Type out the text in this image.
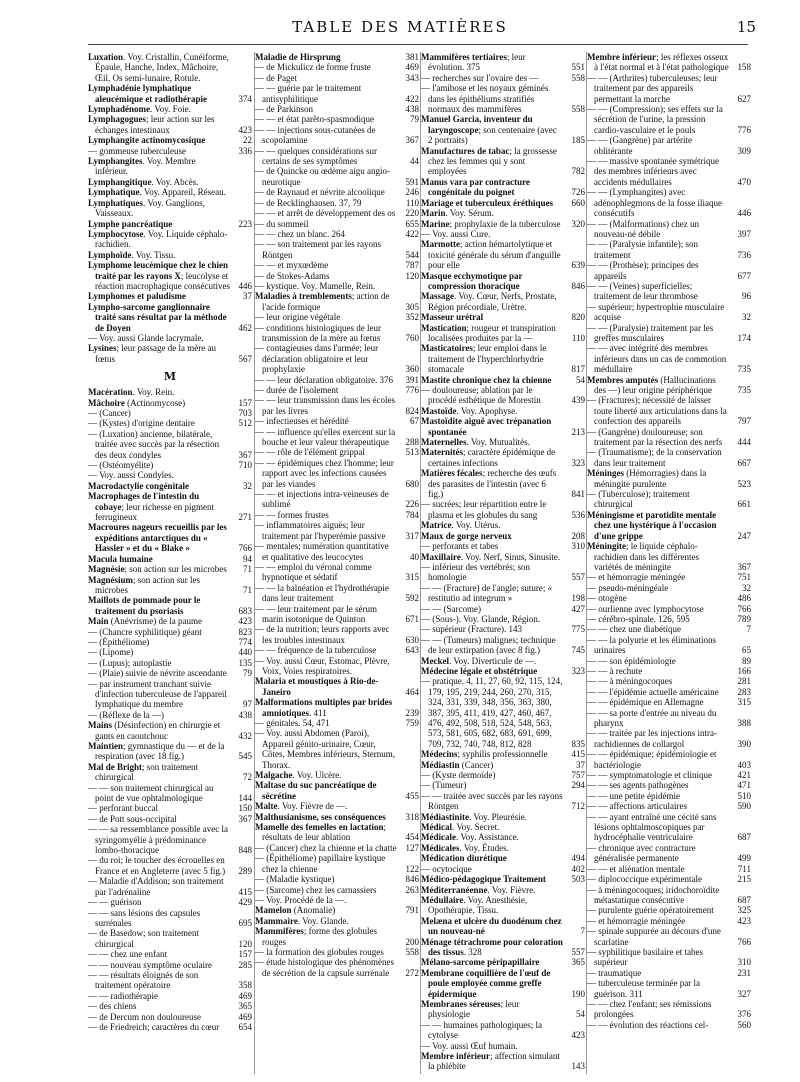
TABLE DES MATIÈRES	15
Luxation. Voy. Cristallin, Cunéiforme, Épaule, Hanche, Index, Mâchoire, Œil, Os semi-lunaire, Rotule.
Lymphadénie lymphatique aleucémique et radiothérapie	374
Lymphadénome. Voy. Foie.
Lymphagogues; leur action sur les échanges intestinaux	423
Lymphangite actinomycosique	22
— gommeuse tuberculeuse	336
Lymphangites. Voy. Membre inférieur.
Lymphangitique. Voy. Abcès.
Lymphatique. Voy. Appareil, Réseau.
Lymphatiques. Voy. Ganglions, Vaisseaux.
Lymphe pancréatique	223
Lymphocytose. Voy. Liquide céphalo-rachidien.
Lymphoïde. Voy. Tissu.
Lymphome leucémique chez le chien traité par les rayons X; leucolyse et réaction macrophagique consécutives 446
Lymphomes et paludisme	37
Lympho-sarcome ganglionnaire traité sans résultat par la méthode de Doyen	462
— Voy. aussi Glande lacrymale.
Lysines; leur passage de la mère au fœtus	567
M
Macération. Voy. Rein.
Mâchoire (Actinomycose)	157
— (Cancer)	703
— (Kystes) d'origine dentaire	512
— (Luxation) ancienne, bilatérale, traitée avec succès par la résection des deux condyles	367
— (Ostéomyélite)	710
— Voy. aussi Condyles.
Macrodactylie congénitale	32
Macrophages de l'intestin du cobaye; leur richesse en pigment ferrugineux	271
Macroures nageurs recueillis par les expéditions antarctiques du « Hassler » et du « Blake »	766
Macula humaine	94
Magnésie; son action sur les microbes 71
Magnésium; son action sur les microbes	71
Maillots de pommade pour le traitement du psoriasis	683
Main (Anévrisme) de la paume	423
— (Chancre syphilitique) géant	823
— (Épithéliome)	774
— (Lipome)	440
— (Lupus); autoplastie	135
— (Plaie) suivie de névrite ascendante 79
— par instrument tranchant suivie d'infection tuberculeuse de l'appareil lymphatique du membre	97
— (Réflexe de la —)	438
Mains (Désinfection) en chirurgie et gants en caoutchouc	432
Maintien; gymnastique du — et de la respiration (avec 18 fig.)	545
Mal de Bright; son traitement chirurgical	72
— — son traitement chirurgical au point de vue ophtalmologique	144
— perforant buccal	150
— de Pott sous-occipital	367
— — sa ressemblance possible avec la syringomyélie à prédominance lombo-thoracique	848
— du roi; le toucher des écrouelles en France et en Angleterre (avec 5 fig.) 289
— Maladie d'Addison; son traitement par l'adrénaline	415
— — guérison	429
— — sans lésions des capsules surrénales	695
— de Basedow; son traitement chirurgical	120
— — chez une enfant	157
— — nouveau symptôme oculaire	285
— — résultats éloignés de son traitement opératoire	358
— — radiothérapie	469
— des chiens	365
— de Dercum non douloureuse	469
— de Friedreich; caractères du cœur 654
Maladie de Hirsprung	381
— de Mickulicz de forme fruste	469
— de Paget	343
— — guérie par le traitement antisyphilitique	422
— de Parkinson	438
— — et état parêto-spasmodique	79
— — injections sous-cutanées de scopolamine	367
— — quelques considérations sur certains de ses symptômes	44
— de Quincke ou œdème aigu angio-neurotique	591
— de Raynaud et névrite alcoolique 246
— de Recklinghausen. 37, 79	110
— — et arrêt de développement des os 220
— du sommeil	655
— — chez un blanc. 264	422
— — son traitement par les rayons Röntgen	544
— — et myxœdème	787
— de Stokes-Adams	120
— kystique. Voy. Mamelle, Rein.
Maladies à tremblements; action de l'acide formique	305
— leur origine végétale	352
— conditions histologiques de leur transmission de la mère au fœtus	760
— contagieuses dans l'armée; leur déclaration obligatoire et leur prophylaxie	360
— — leur déclaration obligatoire. 376 391
— durée de l'isolement	776
— — leur transmission dans les écoles par les livres	824
— infectieuses et hérédité	67
— — influence qu'elles exercent sur la bouche et leur valeur thérapeutique 288
— — rôle de l'élément grippal	513
— — épidémiques chez l'homme; leur rapport avec les infections causées par les viandes	680
— — et injections intra-veineuses de sublimé	226
— — formes frustes	784
— inflammatoires aiguës; leur traitement par l'hyperémie passive 317
— mentales; numération quantitative et qualitative des leucocytes	40
— — emploi du véronal comme hypnotique et sédatif	315
— — la balnéation et l'hydrothérapie dans leur traitement	592
— — leur traitement par le sérum marin isotonique de Quinton	671
— de la nutrition; leurs rapports avec les troubles intestinaux	630
— — fréquence de la tuberculose	643
— Voy. aussi Cœur, Estomac, Plèvre, Voix, Voies respiratoires.
Malaria et moustiques à Rio-de-Janeiro	464
Malformations multiples par brides amniotiques. 411	239
— génitales. 54, 471	759
— Voy. aussi Abdomen (Paroi), Appareil génito-urinaire, Cœur, Côtes, Membres inférieurs, Sternum, Thorax.
Malgache. Voy. Ulcère.
Maltase du suc pancréatique de sécrétine	455
Malte. Voy. Fièvre de —.
Malthusianisme, ses conséquences 318
Mamelle des femelles en lactation; résultats de leur ablation	454
— (Cancer) chez la chienne et la chatte 127
— (Épithéliome) papillaire kystique chez la chienne	122
— (Maladie kystique)	846
— (Sarcome) chez les carnassiers	263
— Voy. Procédé de la —.
Mamelon (Anomalie)	791
Mammaire. Voy. Glande.
Mammifères; forme des globules rouges	200
— la formation des globules rouges 558
— étude histologique des phénomènes de sécrétion de la capsule surrénale 272
Mammifères tertiaires; leur évolution. 375	551
— recherches sur l'ovaire des —	558
— l'amibose et les noyaux géminés dans les épithéliums stratifiés normaux des mammifères	558
Manuel Garcia, inventeur du laryngoscope; son centenaire (avec 2 portraits)	185
Manufactures de tabac; la grossesse chez les femmes qui y sont employées	782
Manus vara par contracture congénitale du poignet	726
Mariage et tuberculeux éréthiques 660
Marin. Voy. Sérum.
Marine; prophylaxie de la tuberculose 320
— Voy. aussi Cure.
Marmotte; action hémartolytique et toxicité générale du sérum d'anguille pour elle	639
Masque ecchymotique par compression thoracique	846
Massage. Voy. Cœur, Nerfs, Prostate, Région précordiale, Urètre.
Masseur urétral	820
Mastication; rougeur et transpiration localisées produites par la —	110
Masticatoires; leur emploi dans le traitement de l'hyperchlorhydrie stomacale	817
Mastite chronique chez la chienne	54
— douloureuse; ablation par le procédé esthétique de Morestin	439
Mastoïde. Voy. Apophyse.
Mastoïdite aiguë avec trépanation spontanée	213
Maternelles. Voy. Mutualités.
Maternités; caractère épidémique de certaines infections	323
Matières fécales; recherche des œufs des parasites de l'intestin (avec 6 fig.)	841
— sucrées; leur répartition entre le plasma et les globules du sang	536
Matrice. Voy. Utérus.
Maux de gorge nerveux	208
— perforants et tabes	310
Maxillaire. Voy. Nerf, Sinus, Sinusite.
— inférieur des vertébrés; son homologie	557
— — (Fracture) de l'angle; suture; « restitutio ad integrum »	198
— — (Sarcome)	427
— (Sous-). Voy. Glande, Région.
— supérieur (Fracture). 143	775
— — (Tumeurs) malignes; technique de leur extirpation (avec 8 fig.)	745
Meckel. Voy. Diverticule de —.
Médecine légale et obstétrique	323
— pratique. 4, 11, 27, 60, 92, 115, 124, 179, 195, 219, 244, 260, 270, 315, 324, 331, 339, 348, 356, 363, 380, 387, 395, 411, 419, 427, 460, 467, 476, 492, 508, 518, 524, 548, 563, 573, 581, 605, 682, 683, 691, 699, 709, 732, 740, 748, 812, 828	835
Médecins; syphilis professionnelle	415
Médiastin (Cancer)	37
— (Kyste dermoïde)	757
— (Tumeur)	294
— — traitée avec succès par les rayons Röntgen	712
Médiastinite. Voy. Pleurésie.
Médical. Voy. Secret.
Médicale. Voy. Assistance.
Médicales. Voy. Études.
Médication diurétique	494
— ocytocique	402
Médico-pédagogique Traitement	503
Méditerranéenne. Voy. Fièvre.
Médullaire. Voy. Anesthésie, Opothérapie, Tissu.
Melæna et ulcère du duodénum chez un nouveau-né	7
Ménage tétrachrome pour coloration des tissus. 328	557
Mélano-sarcome péripapillaire	365
Membrane coquillière de l'œuf de poule employée comme greffe épidermique	190
Membranes séreuses; leur physiologie	54
— — humaines pathologiques; la cytolyse	423
— Voy. aussi Œuf humain.
Membre inférieur; affection simulant la phlébite	143
Membre inférieur; les réflexes osseux à l'état normal et à l'état pathologique 158
— — (Arthrites) tuberculeuses; leur traitement par des appareils permettant la marche	627
— — (Compression); ses effets sur la sécrétion de l'urine, la pression cardio-vasculaire et le pouls	776
— — (Gangrène) par artérite oblitérante	309
— — massive spontanée symétrique des membres inférieurs avec accidents médullaires	470
— — (Lymphangites) avec adénophlegmons de la fosse iliaque consécutifs	446
— — (Malformations) chez un nouveau-né débile	397
— — (Paralysie infantile); son traitement	736
— — (Prothèse); principes des appareils	677
— — (Veines) superficielles; traitement de leur thrombose	96
— supérieur; hypertrophie musculaire acquise	32
— — (Paralysie) traitement par les greffes musculaires	174
— — avec intégrité des membres inférieurs dans un cas de commotion médullaire	735
Membres amputés (Hallucinations des —) leur origine périphérique	735
— (Fractures); nécessité de laisser toute liberté aux articulations dans la confection des appareils	797
— (Gangrène) douloureuse; son traitement par la résection des nerfs 444
— (Traumatisme); de la conservation dans leur traitement	667
Méninges (Hémorragies) dans la méningite purulente	523
— (Tuberculose); traitement chirurgical	661
Méningisme et parotidite mentale chez une hystérique à l'occasion d'une grippe	247
Méningite; le liquide céphalo-rachidien dans les différentes variétés de méningite	367
— et hémorragie méningée	751
— pseudo-méningéale	32
— otogène	486
— ourlienne avec lymphocytose	766
— cérébro-spinale. 126, 595	789
— — chez une diabétique	7
— — la polyurie et les éliminations urinaires	65
— — son épidémiologie	89
— — à rechute	166
— — à méningocoques	281
— — l'épidémie actuelle américaine 283
— — épidémique en Allemagne	315
— — sa porte d'entrée au niveau du pharynx	388
— — traitée par les injections intra-rachidiennes de collargol	390
— — épidémique; épidémiologie et bactériologie	403
— — symptomatologie et clinique	421
— — ses agents pathogènes	471
— — une petite épidémie	510
— — affections articulaires	590
— — ayant entraîné une cécité sans lésions ophtalmoscopiques par hydrocéphalie ventriculaire	687
— chronique avec contracture généralisée permanente	499
— — et aliénation mentale	711
— diplococcique expérimentale	215
— à méningocoques; iridochoroïdite métastatique consécutive	687
— purulente guérie opératoirement	325
— et hémorragie méningée	423
— spinale suppurée au décours d'une scarlatine	766
— syphilitique basilaire et tabes supérieur	310
— traumatique	231
— tuberculeuse terminée par la guérison. 311	327
— — chez l'enfant; ses rémissions prolongées	376
— — évolution des réactions cel-	560
